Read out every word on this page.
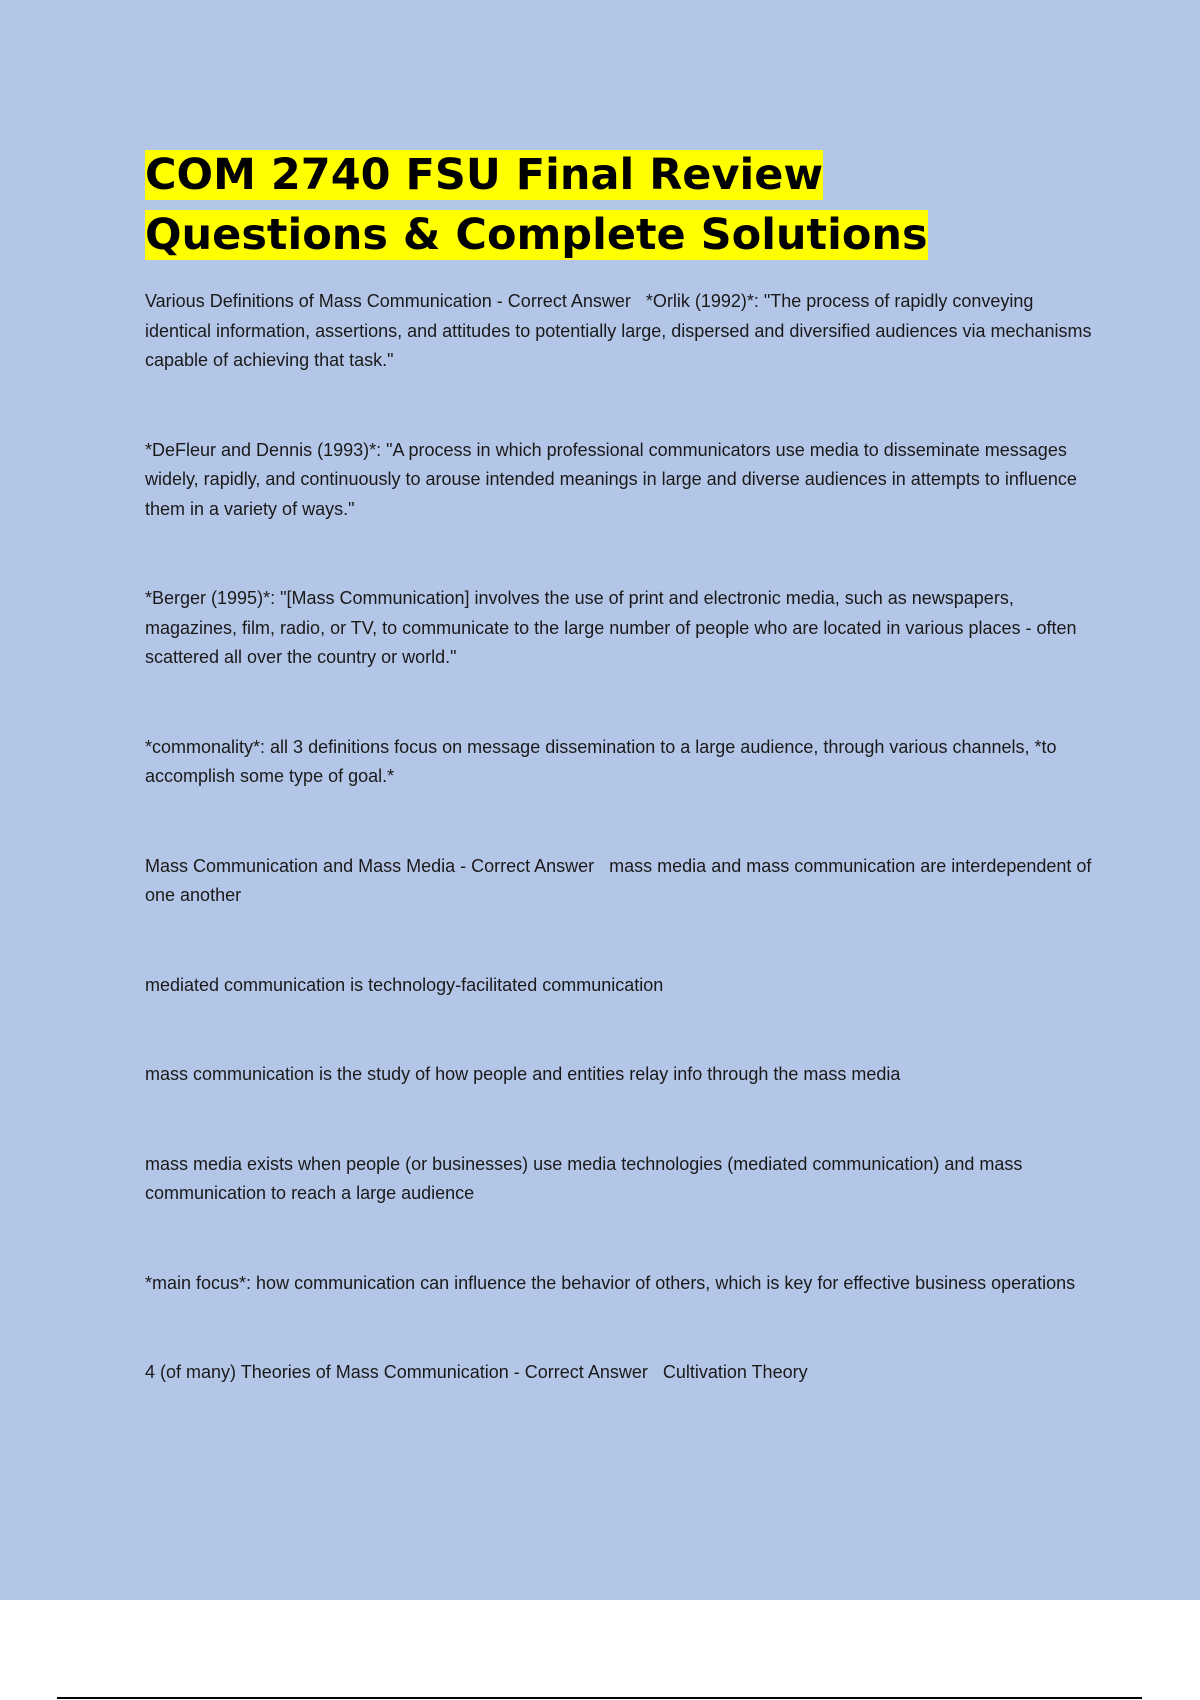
COM 2740 FSU Final Review
Questions & Complete Solutions

Various Definitions of Mass Communication - Correct Answer   *Orlik (1992)*: "The process of rapidly conveying identical information, assertions, and attitudes to potentially large, dispersed and diversified audiences via mechanisms capable of achieving that task."

*DeFleur and Dennis (1993)*: "A process in which professional communicators use media to disseminate messages widely, rapidly, and continuously to arouse intended meanings in large and diverse audiences in attempts to influence them in a variety of ways."

*Berger (1995)*: "[Mass Communication] involves the use of print and electronic media, such as newspapers, magazines, film, radio, or TV, to communicate to the large number of people who are located in various places - often scattered all over the country or world."

*commonality*: all 3 definitions focus on message dissemination to a large audience, through various channels, *to accomplish some type of goal.*

Mass Communication and Mass Media - Correct Answer   mass media and mass communication are interdependent of one another

mediated communication is technology-facilitated communication

mass communication is the study of how people and entities relay info through the mass media

mass media exists when people (or businesses) use media technologies (mediated communication) and mass communication to reach a large audience

*main focus*: how communication can influence the behavior of others, which is key for effective business operations

4 (of many) Theories of Mass Communication - Correct Answer   Cultivation Theory
